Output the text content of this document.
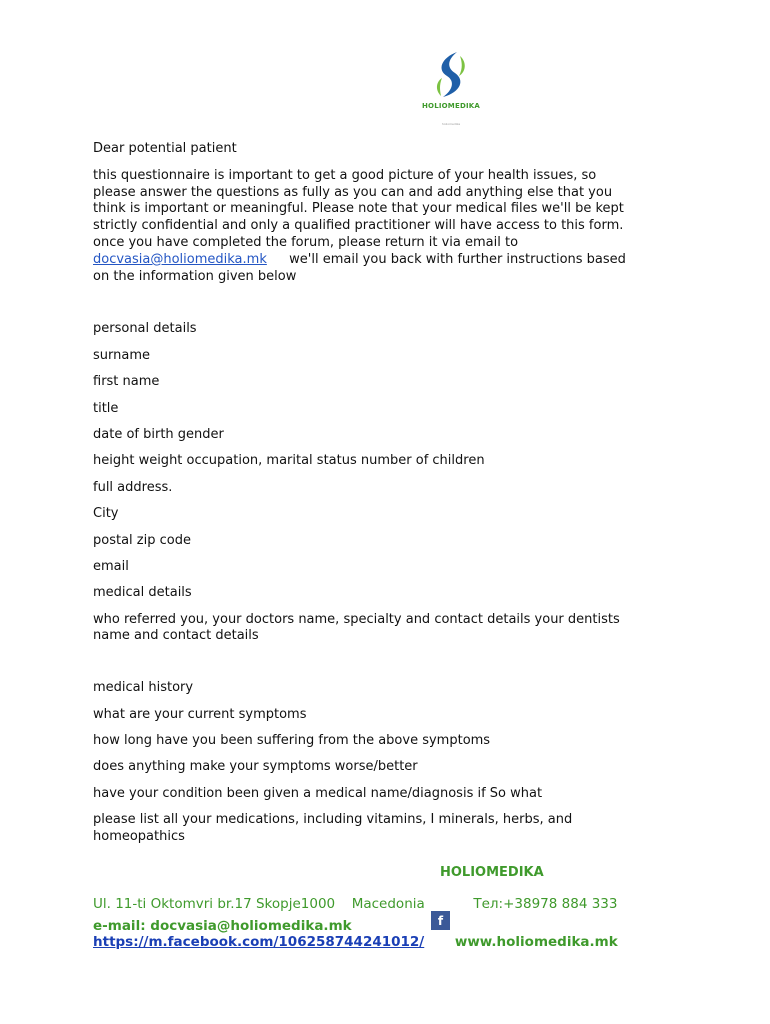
HOLIOMEDIKA
holiomedika

Dear potential patient

this questionnaire is important to get a good picture of your health issues, so
please answer the questions as fully as you can and add anything else that you
think is important or meaningful. Please note that your medical files we'll be kept
strictly confidential and only a qualified practitioner will have access to this form.
once you have completed the forum, please return it via email to
docvasia@holiomedika.mk we'll email you back with further instructions based
on the information given below
personal details
surname
first name
title
date of birth gender
height weight occupation, marital status number of children
full address.
City
postal zip code
email
medical details
who referred you, your doctors name, specialty and contact details your dentists
name and contact details
medical history
what are your current symptoms
how long have you been suffering from the above symptoms
does anything make your symptoms worse/better
have your condition been given a medical name/diagnosis if So what
please list all your medications, including vitamins, I minerals, herbs, and
homeopathics
HOLIOMEDIKA
Ul. 11-ti Oktomvri br.17 Skopje1000 Macedonia	Тел:+38978 884 333
f
e-mail: docvasia@holiomedika.mk
https://m.facebook.com/106258744241012/ www.holiomedika.mk
